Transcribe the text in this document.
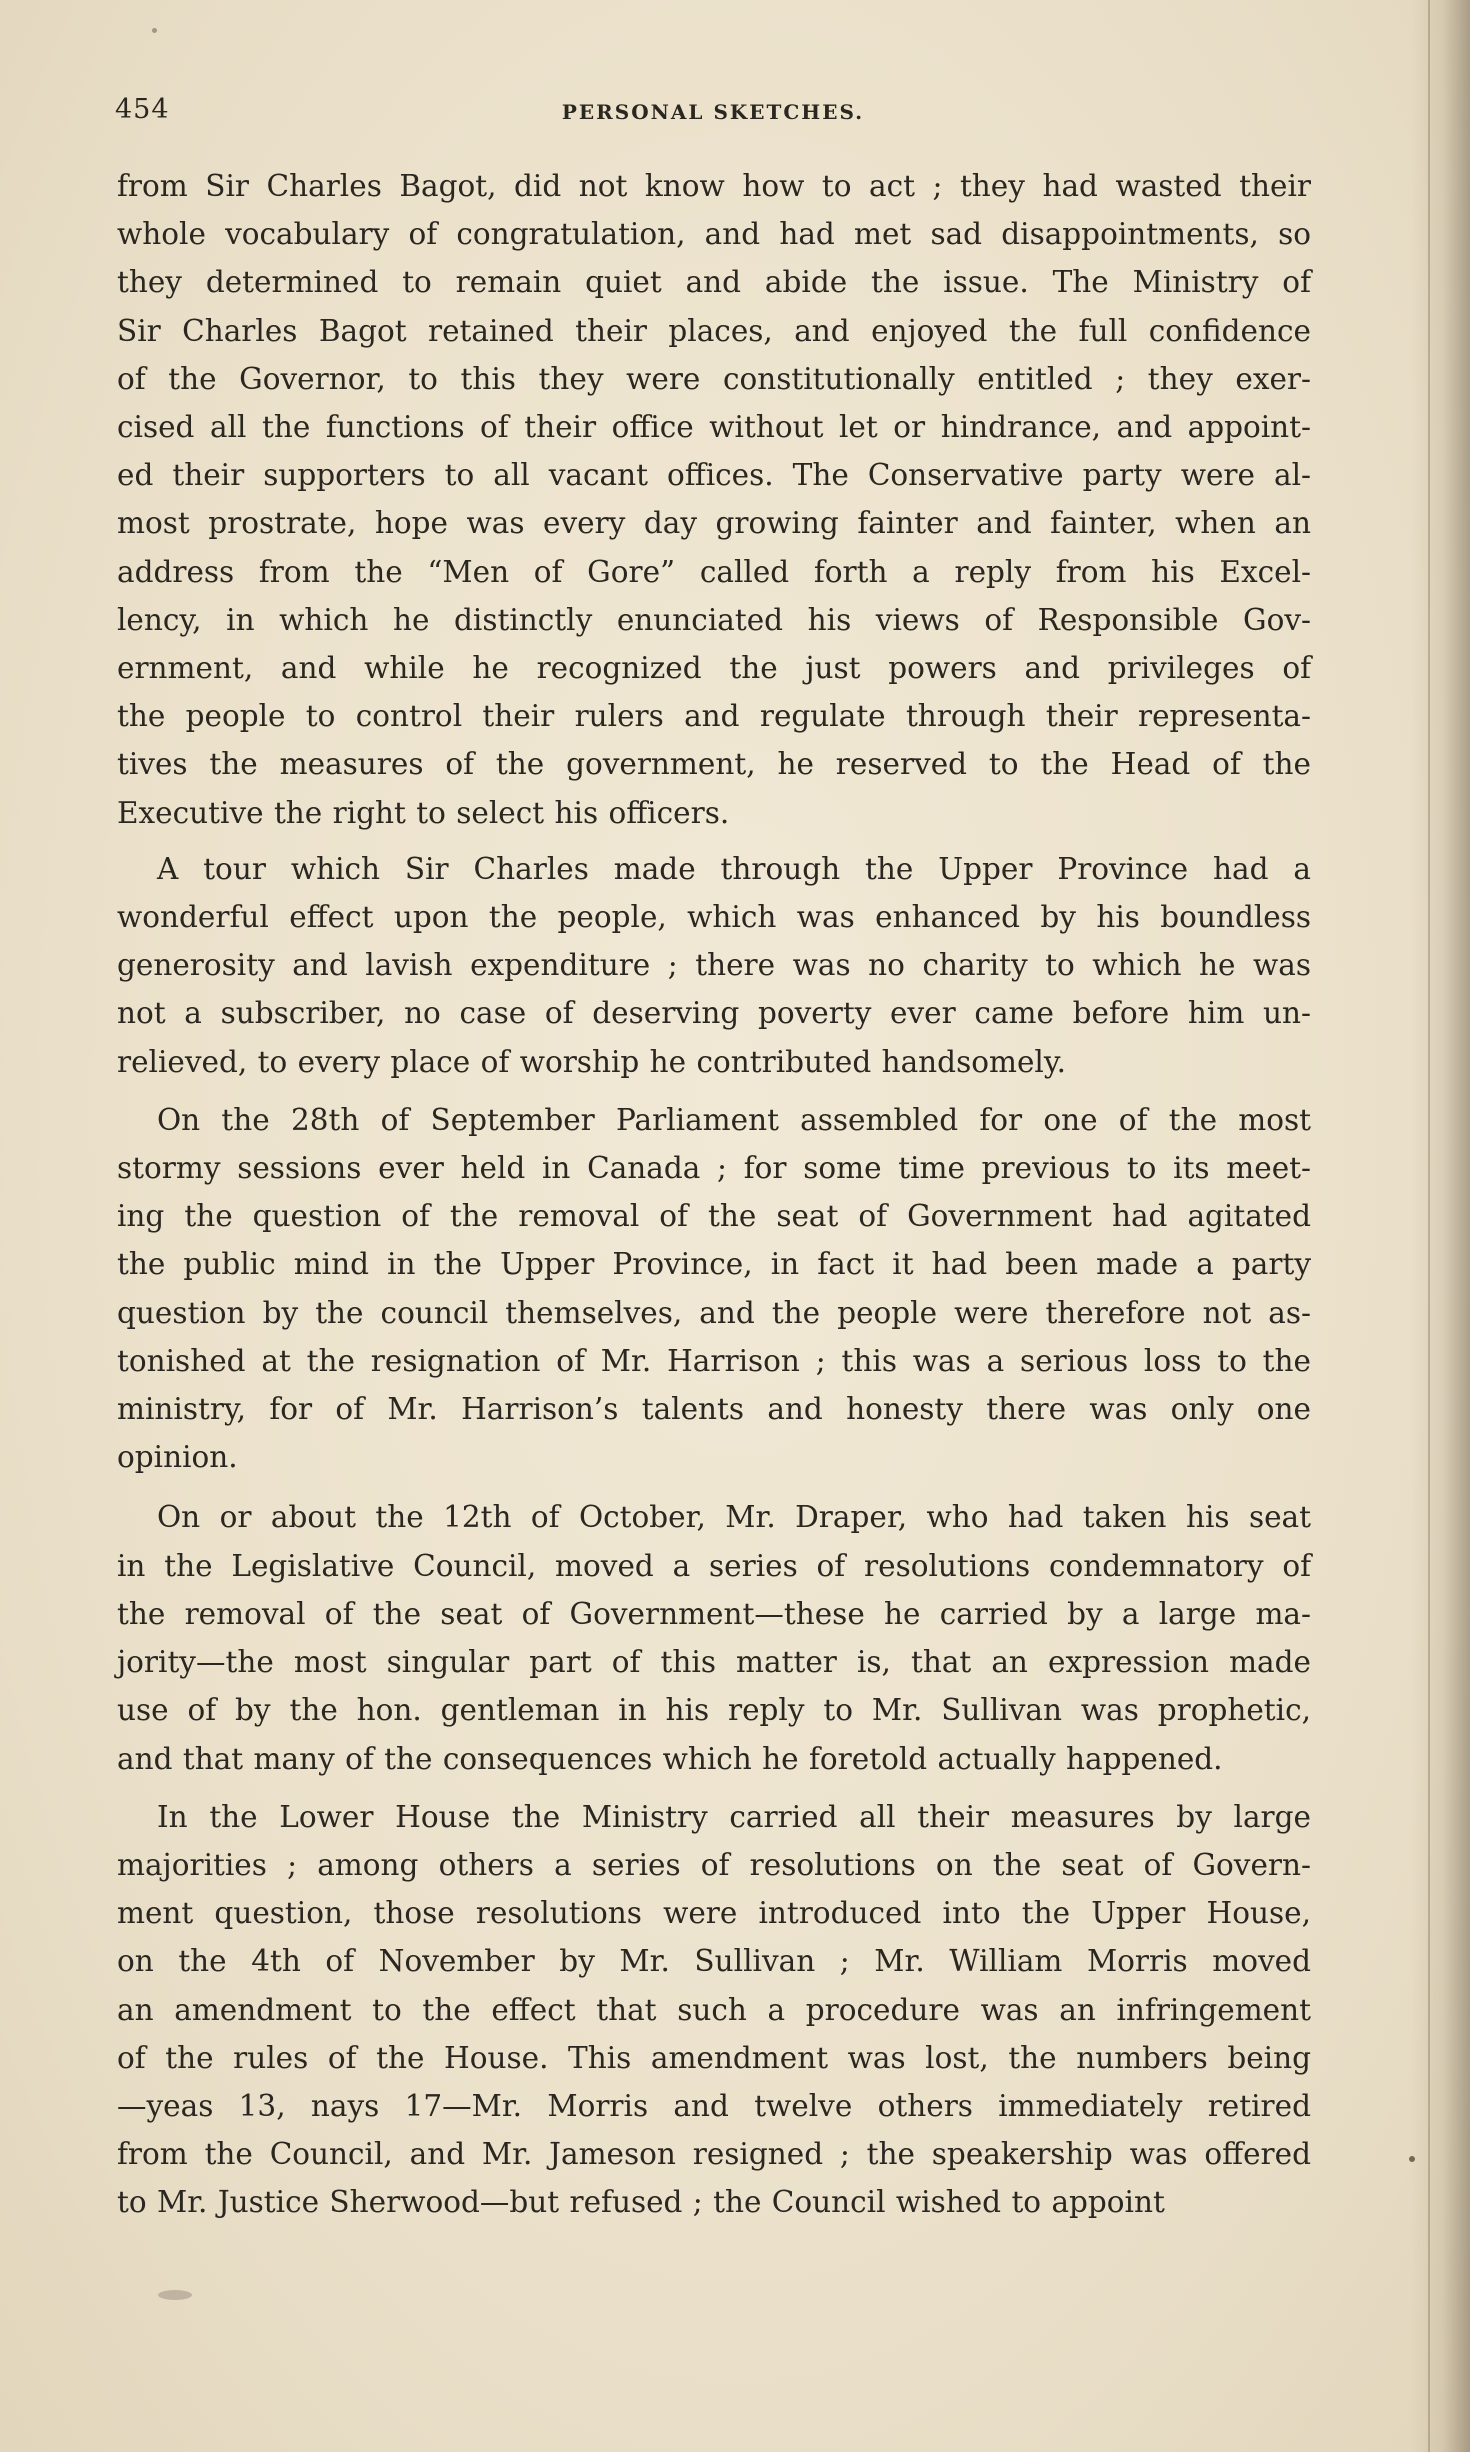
454	PERSONAL SKETCHES.
from Sir Charles Bagot, did not know how to act ; they had wasted their
whole vocabulary of congratulation, and had met sad disappointments, so
they determined to remain quiet and abide the issue. The Ministry of
Sir Charles Bagot retained their places, and enjoyed the full confidence
of the Governor, to this they were constitutionally entitled ; they exer-
cised all the functions of their office without let or hindrance, and appoint-
ed their supporters to all vacant offices. The Conservative party were al-
most prostrate, hope was every day growing fainter and fainter, when an
address from the “Men of Gore” called forth a reply from his Excel-
lency, in which he distinctly enunciated his views of Responsible Gov-
ernment, and while he recognized the just powers and privileges of
the people to control their rulers and regulate through their representa-
tives the measures of the government, he reserved to the Head of the
Executive the right to select his officers.
A tour which Sir Charles made through the Upper Province had a
wonderful effect upon the people, which was enhanced by his boundless
generosity and lavish expenditure ; there was no charity to which he was
not a subscriber, no case of deserving poverty ever came before him un-
relieved, to every place of worship he contributed handsomely.
On the 28th of September Parliament assembled for one of the most
stormy sessions ever held in Canada ; for some time previous to its meet-
ing the question of the removal of the seat of Government had agitated
the public mind in the Upper Province, in fact it had been made a party
question by the council themselves, and the people were therefore not as-
tonished at the resignation of Mr. Harrison ; this was a serious loss to the
ministry, for of Mr. Harrison’s talents and honesty there was only one
opinion.
On or about the 12th of October, Mr. Draper, who had taken his seat
in the Legislative Council, moved a series of resolutions condemnatory of
the removal of the seat of Government—these he carried by a large ma-
jority—the most singular part of this matter is, that an expression made
use of by the hon. gentleman in his reply to Mr. Sullivan was prophetic,
and that many of the consequences which he foretold actually happened.
In the Lower House the Ministry carried all their measures by large
majorities ; among others a series of resolutions on the seat of Govern-
ment question, those resolutions were introduced into the Upper House,
on the 4th of November by Mr. Sullivan ; Mr. William Morris moved
an amendment to the effect that such a procedure was an infringement
of the rules of the House. This amendment was lost, the numbers being
—yeas 13, nays 17—Mr. Morris and twelve others immediately retired
from the Council, and Mr. Jameson resigned ; the speakership was offered
to Mr. Justice Sherwood—but refused ; the Council wished to appoint
